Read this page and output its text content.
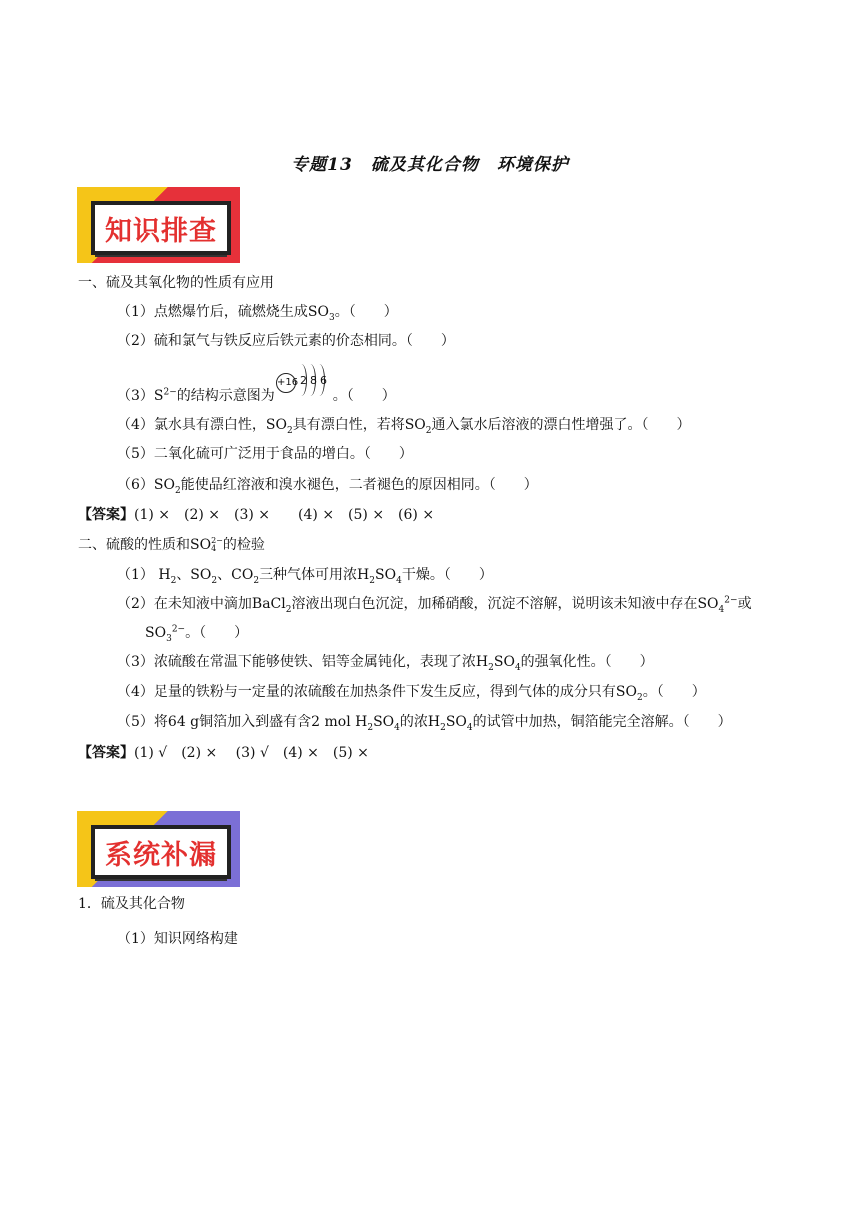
专题13　硫及其化合物　环境保护
知识排查
一、硫及其氧化物的性质有应用
（1）点燃爆竹后，硫燃烧生成$SO_3$。（　　）
（2）硫和氯气与铁反应后铁元素的价态相同。（　　）
$(3)S^{2-}$的结构示意图为	。（　　）
+16 2 8 6
（4）氯水具有漂白性，$SO_2$具有漂白性，若将$SO_2$通入氯水后溶液的漂白性增强了。（　　）
（5）二氧化硫可广泛用于食品的增白。（　　）
$(6)SO_2$能使品红溶液和溴水褪色，二者褪色的原因相同。（　　）
【答案】(1) ×　(2) ×　(3) ×　　(4) ×　(5) ×　(6) ×
二、硫酸的性质和SO2−
4 的检验
（1） $H_2$、$SO_2$、$CO_2$三种气体可用浓$H_2SO_4$干燥。（　　）
（2）在未知液中滴加BaCl$_2$溶液出现白色沉淀，加稀硝酸，沉淀不溶解，说明该未知液中存在$SO_4^{2-}$或
$SO_3^{2-}$。（　　）
（3）浓硫酸在常温下能够使铁、铝等金属钝化，表现了浓$H_2SO_4$的强氧化性。（　　）
（4）足量的铁粉与一定量的浓硫酸在加热条件下发生反应，得到气体的成分只有$SO_2$。（　　）
（5）将64 g铜箔加入到盛有含2 mol $H_2SO_4$的浓$H_2SO_4$的试管中加热，铜箔能完全溶解。（　　）
【答案】(1) √　(2) ×　 (3) √　(4) ×　(5) ×
系统补漏
1．硫及其化合物
（1）知识网络构建
